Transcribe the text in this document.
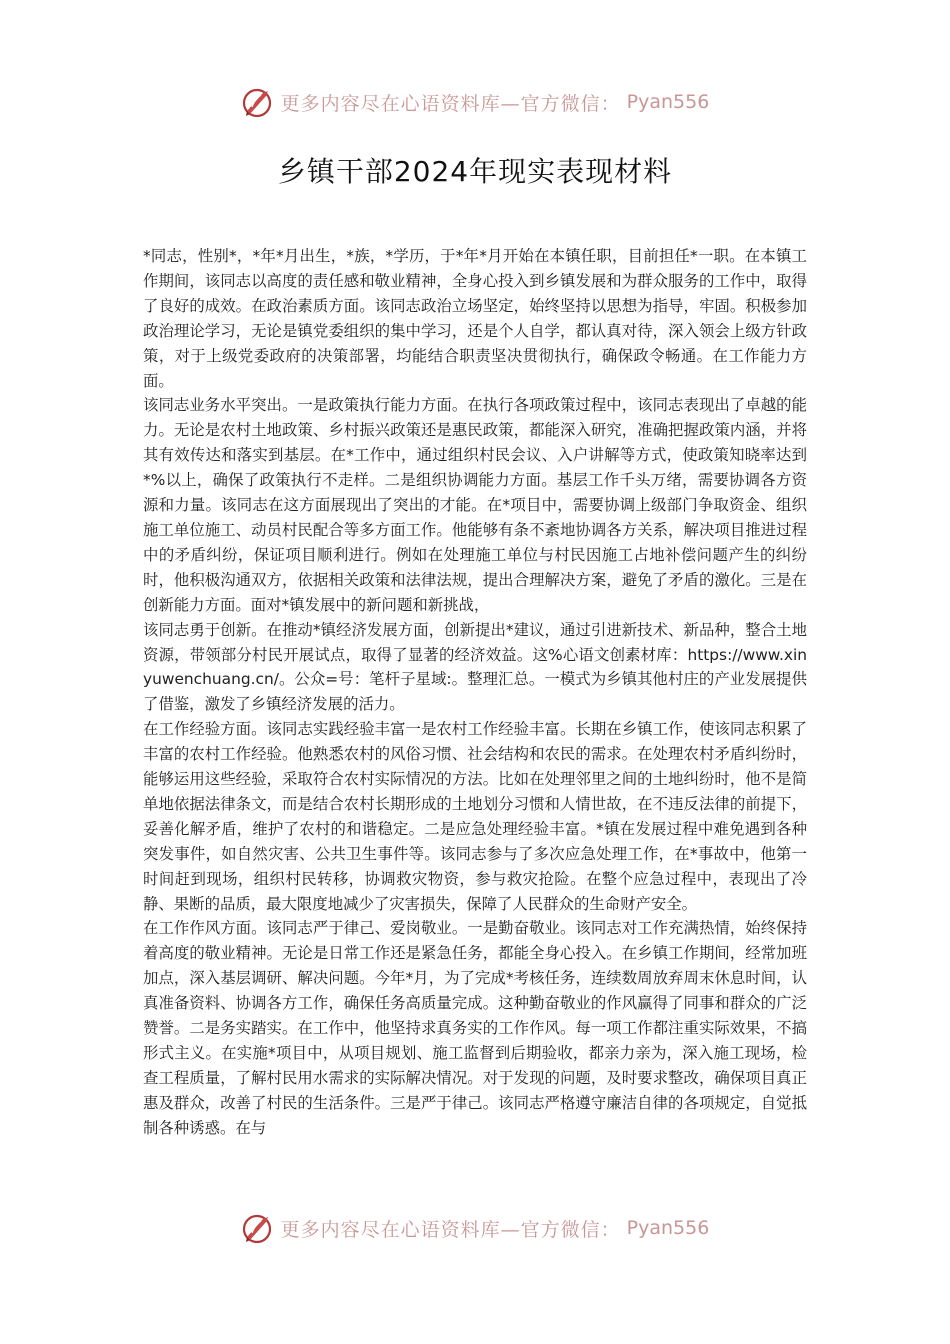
更多内容尽在心语资料库—官方微信： Pyan556
乡镇干部2024年现实表现材料

*同志，性别*，*年*月出生，*族，*学历，于*年*月开始在本镇任职，目前担任*一职。在本镇工作期间，该同志以高度的责任感和敬业精神，全身心投入到乡镇发展和为群众服务的工作中，取得了良好的成效。在政治素质方面。该同志政治立场坚定，始终坚持以思想为指导，牢固。积极参加政治理论学习，无论是镇党委组织的集中学习，还是个人自学，都认真对待，深入领会上级方针政策，对于上级党委政府的决策部署，均能结合职责坚决贯彻执行，确保政令畅通。在工作能力方面。

该同志业务水平突出。一是政策执行能力方面。在执行各项政策过程中，该同志表现出了卓越的能力。无论是农村土地政策、乡村振兴政策还是惠民政策，都能深入研究，准确把握政策内涵，并将其有效传达和落实到基层。在*工作中，通过组织村民会议、入户讲解等方式，使政策知晓率达到*%以上，确保了政策执行不走样。二是组织协调能力方面。基层工作千头万绪，需要协调各方资源和力量。该同志在这方面展现出了突出的才能。在*项目中，需要协调上级部门争取资金、组织施工单位施工、动员村民配合等多方面工作。他能够有条不紊地协调各方关系，解决项目推进过程中的矛盾纠纷，保证项目顺利进行。例如在处理施工单位与村民因施工占地补偿问题产生的纠纷时，他积极沟通双方，依据相关政策和法律法规，提出合理解决方案，避免了矛盾的激化。三是在创新能力方面。面对*镇发展中的新问题和新挑战，

该同志勇于创新。在推动*镇经济发展方面，创新提出*建议，通过引进新技术、新品种，整合土地资源，带领部分村民开展试点，取得了显著的经济效益。这%心语文创素材库：https://www.xinyuwenchuang.cn/。公众=号：笔杆子星域:。整理汇总。一模式为乡镇其他村庄的产业发展提供了借鉴，激发了乡镇经济发展的活力。

在工作经验方面。该同志实践经验丰富一是农村工作经验丰富。长期在乡镇工作，使该同志积累了丰富的农村工作经验。他熟悉农村的风俗习惯、社会结构和农民的需求。在处理农村矛盾纠纷时，能够运用这些经验，采取符合农村实际情况的方法。比如在处理邻里之间的土地纠纷时，他不是简单地依据法律条文，而是结合农村长期形成的土地划分习惯和人情世故，在不违反法律的前提下，妥善化解矛盾，维护了农村的和谐稳定。二是应急处理经验丰富。*镇在发展过程中难免遇到各种突发事件，如自然灾害、公共卫生事件等。该同志参与了多次应急处理工作，在*事故中，他第一时间赶到现场，组织村民转移，协调救灾物资，参与救灾抢险。在整个应急过程中，表现出了冷静、果断的品质，最大限度地减少了灾害损失，保障了人民群众的生命财产安全。

在工作作风方面。该同志严于律己、爱岗敬业。一是勤奋敬业。该同志对工作充满热情，始终保持着高度的敬业精神。无论是日常工作还是紧急任务，都能全身心投入。在乡镇工作期间，经常加班加点，深入基层调研、解决问题。今年*月，为了完成*考核任务，连续数周放弃周末休息时间，认真准备资料、协调各方工作，确保任务高质量完成。这种勤奋敬业的作风赢得了同事和群众的广泛赞誉。二是务实踏实。在工作中，他坚持求真务实的工作作风。每一项工作都注重实际效果，不搞形式主义。在实施*项目中，从项目规划、施工监督到后期验收，都亲力亲为，深入施工现场，检查工程质量，了解村民用水需求的实际解决情况。对于发现的问题，及时要求整改，确保项目真正惠及群众，改善了村民的生活条件。三是严于律己。该同志严格遵守廉洁自律的各项规定，自觉抵制各种诱惑。在与

更多内容尽在心语资料库—官方微信： Pyan556
